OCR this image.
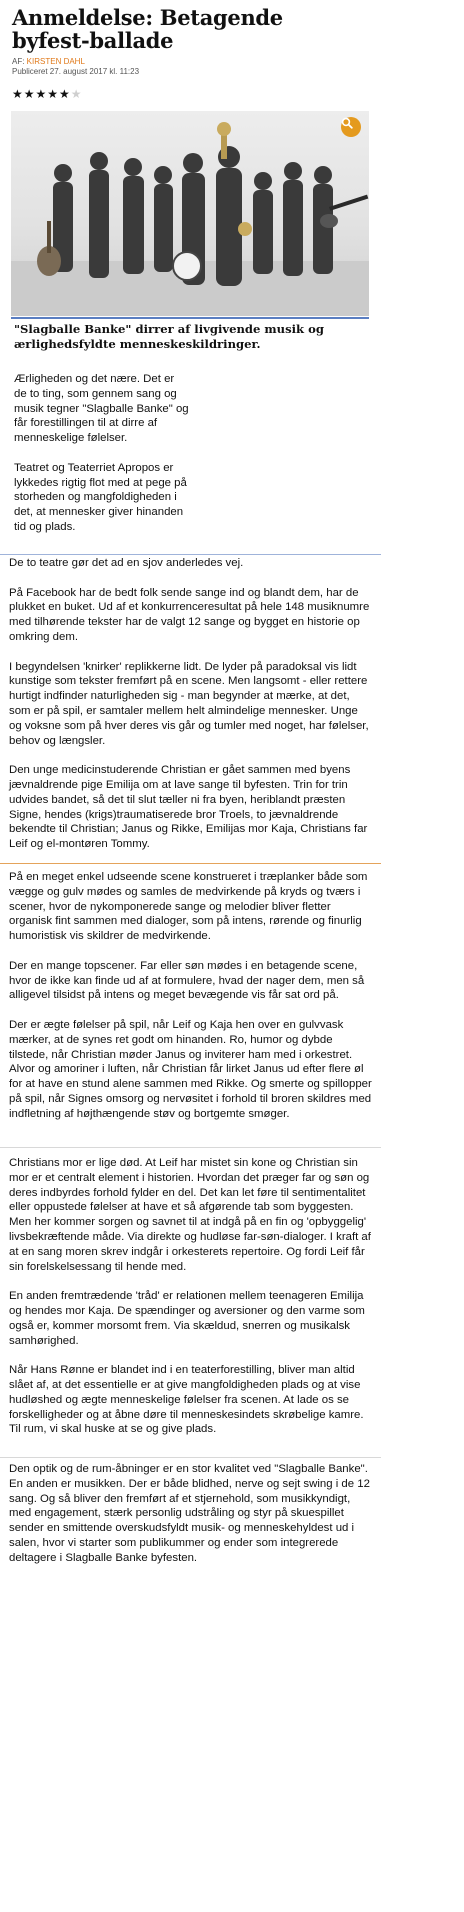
Anmeldelse: Betagende
byfest-ballade
AF: KIRSTEN DAHL
Publiceret 27. august 2017 kl. 11:23
★★★★★★

"Slagballe Banke" dirrer af livgivende musik og ærlighedsfyldte menneskeskildringer.

Ærligheden og det nære. Det er de to ting, som gennem sang og musik tegner "Slagballe Banke" og får forestillingen til at dirre af menneskelige følelser.

Teatret og Teaterriet Apropos er lykkedes rigtig flot med at pege på storheden og mangfoldigheden i det, at mennesker giver hinanden tid og plads.

De to teatre gør det ad en sjov anderledes vej.

På Facebook har de bedt folk sende sange ind og blandt dem, har de plukket en buket. Ud af et konkurrenceresultat på hele 148 musiknumre med tilhørende tekster har de valgt 12 sange og bygget en historie op omkring dem.

I begyndelsen 'knirker' replikkerne lidt. De lyder på paradoksal vis lidt kunstige som tekster fremført på en scene. Men langsomt - eller rettere hurtigt indfinder naturligheden sig - man begynder at mærke, at det, som er på spil, er samtaler mellem helt almindelige mennesker. Unge og voksne som på hver deres vis går og tumler med noget, har følelser, behov og længsler.

Den unge medicinstuderende Christian er gået sammen med byens jævnaldrende pige Emilija om at lave sange til byfesten. Trin for trin udvides bandet, så det til slut tæller ni fra byen, heriblandt præsten Signe, hendes (krigs)traumatiserede bror Troels, to jævnaldrende bekendte til Christian; Janus og Rikke, Emilijas mor Kaja, Christians far Leif og el-montøren Tommy.

På en meget enkel udseende scene konstrueret i træplanker både som vægge og gulv mødes og samles de medvirkende på kryds og tværs i scener, hvor de nykomponerede sange og melodier bliver fletter organisk fint sammen med dialoger, som på intens, rørende og finurlig humoristisk vis skildrer de medvirkende.

Der en mange topscener. Far eller søn mødes i en betagende scene, hvor de ikke kan finde ud af at formulere, hvad der nager dem, men så alligevel tilsidst på intens og meget bevægende vis får sat ord på.

Der er ægte følelser på spil, når Leif og Kaja hen over en gulvvask mærker, at de synes ret godt om hinanden. Ro, humor og dybde tilstede, når Christian møder Janus og inviterer ham med i orkestret. Alvor og amoriner i luften, når Christian får lirket Janus ud efter flere øl for at have en stund alene sammen med Rikke. Og smerte og spillopper på spil, når Signes omsorg og nervøsitet i forhold til broren skildres med indfletning af højthængende støv og bortgemte smøger.

Christians mor er lige død. At Leif har mistet sin kone og Christian sin mor er et centralt element i historien. Hvordan det præger far og søn og deres indbyrdes forhold fylder en del. Det kan let føre til sentimentalitet eller oppustede følelser at have et så afgørende tab som byggesten. Men her kommer sorgen og savnet til at indgå på en fin og 'opbyggelig' livsbekræftende måde. Via direkte og hudløse far-søn-dialoger. I kraft af at en sang moren skrev indgår i orkesterets repertoire. Og fordi Leif får sin forelskelsessang til hende med.

En anden fremtrædende 'tråd' er relationen mellem teenageren Emilija og hendes mor Kaja. De spændinger og aversioner og den varme som også er, kommer morsomt frem. Via skældud, snerren og musikalsk samhørighed.

Når Hans Rønne er blandet ind i en teaterforestilling, bliver man altid slået af, at det essentielle er at give mangfoldigheden plads og at vise hudløshed og ægte menneskelige følelser fra scenen. At lade os se forskelligheder og at åbne døre til menneskesindets skrøbelige kamre. Til rum, vi skal huske at se og give plads.

Den optik og de rum-åbninger er en stor kvalitet ved "Slagballe Banke". En anden er musikken. Der er både blidhed, nerve og sejt swing i de 12 sang. Og så bliver den fremført af et stjernehold, som musikkyndigt, med engagement, stærk personlig udstråling og styr på skuespillet sender en smittende overskudsfyldt musik- og menneskehyldest ud i salen, hvor vi starter som publikummer og ender som integrerede deltagere i Slagballe Banke byfesten.
